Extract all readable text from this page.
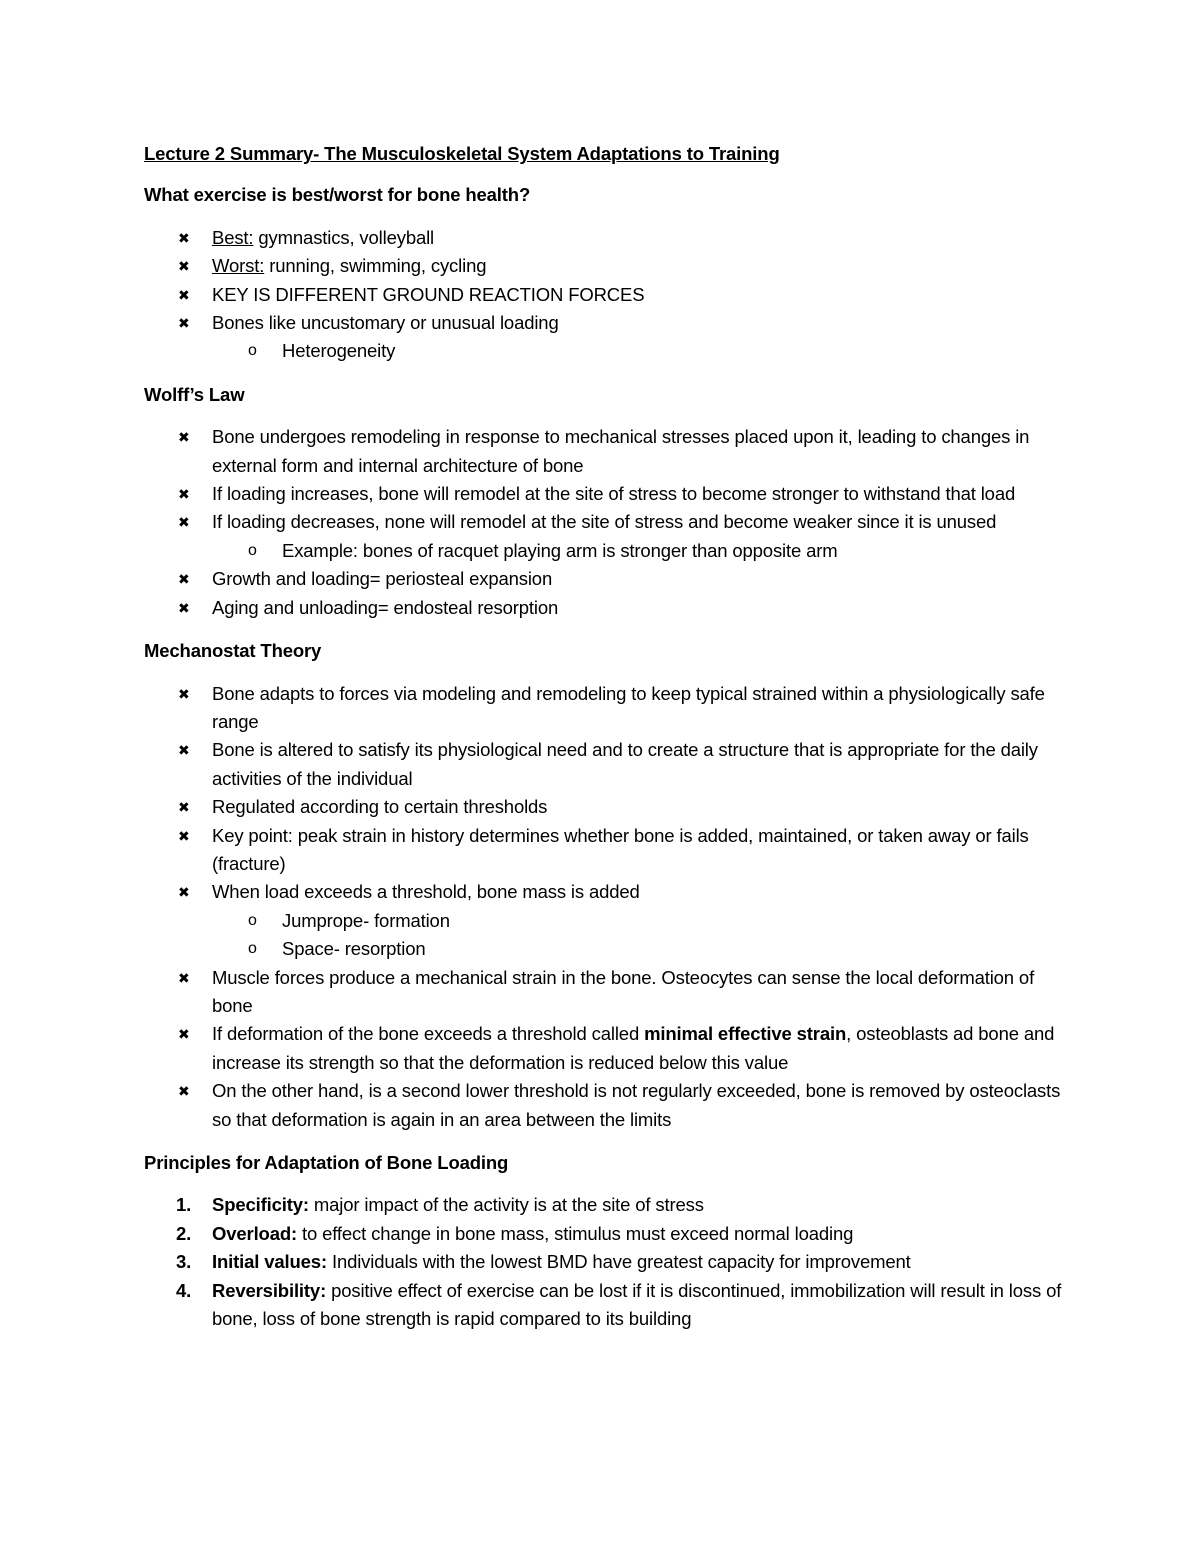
Lecture 2 Summary- The Musculoskeletal System Adaptations to Training
What exercise is best/worst for bone health?
✖ Best: gymnastics, volleyball
✖ Worst: running, swimming, cycling
✖ KEY IS DIFFERENT GROUND REACTION FORCES
✖ Bones like uncustomary or unusual loading
o Heterogeneity
Wolff’s Law
✖ Bone undergoes remodeling in response to mechanical stresses placed upon it, leading to changes in external form and internal architecture of bone
✖ If loading increases, bone will remodel at the site of stress to become stronger to withstand that load
✖ If loading decreases, none will remodel at the site of stress and become weaker since it is unused
o Example: bones of racquet playing arm is stronger than opposite arm
✖ Growth and loading= periosteal expansion
✖ Aging and unloading= endosteal resorption
Mechanostat Theory
✖ Bone adapts to forces via modeling and remodeling to keep typical strained within a physiologically safe range
✖ Bone is altered to satisfy its physiological need and to create a structure that is appropriate for the daily activities of the individual
✖ Regulated according to certain thresholds
✖ Key point: peak strain in history determines whether bone is added, maintained, or taken away or fails (fracture)
✖ When load exceeds a threshold, bone mass is added
o Jumprope- formation
o Space- resorption
✖ Muscle forces produce a mechanical strain in the bone. Osteocytes can sense the local deformation of bone
✖ If deformation of the bone exceeds a threshold called minimal effective strain, osteoblasts ad bone and increase its strength so that the deformation is reduced below this value
✖ On the other hand, is a second lower threshold is not regularly exceeded, bone is removed by osteoclasts so that deformation is again in an area between the limits
Principles for Adaptation of Bone Loading
1. Specificity: major impact of the activity is at the site of stress
2. Overload: to effect change in bone mass, stimulus must exceed normal loading
3. Initial values: Individuals with the lowest BMD have greatest capacity for improvement
4. Reversibility: positive effect of exercise can be lost if it is discontinued, immobilization will result in loss of bone, loss of bone strength is rapid compared to its building
